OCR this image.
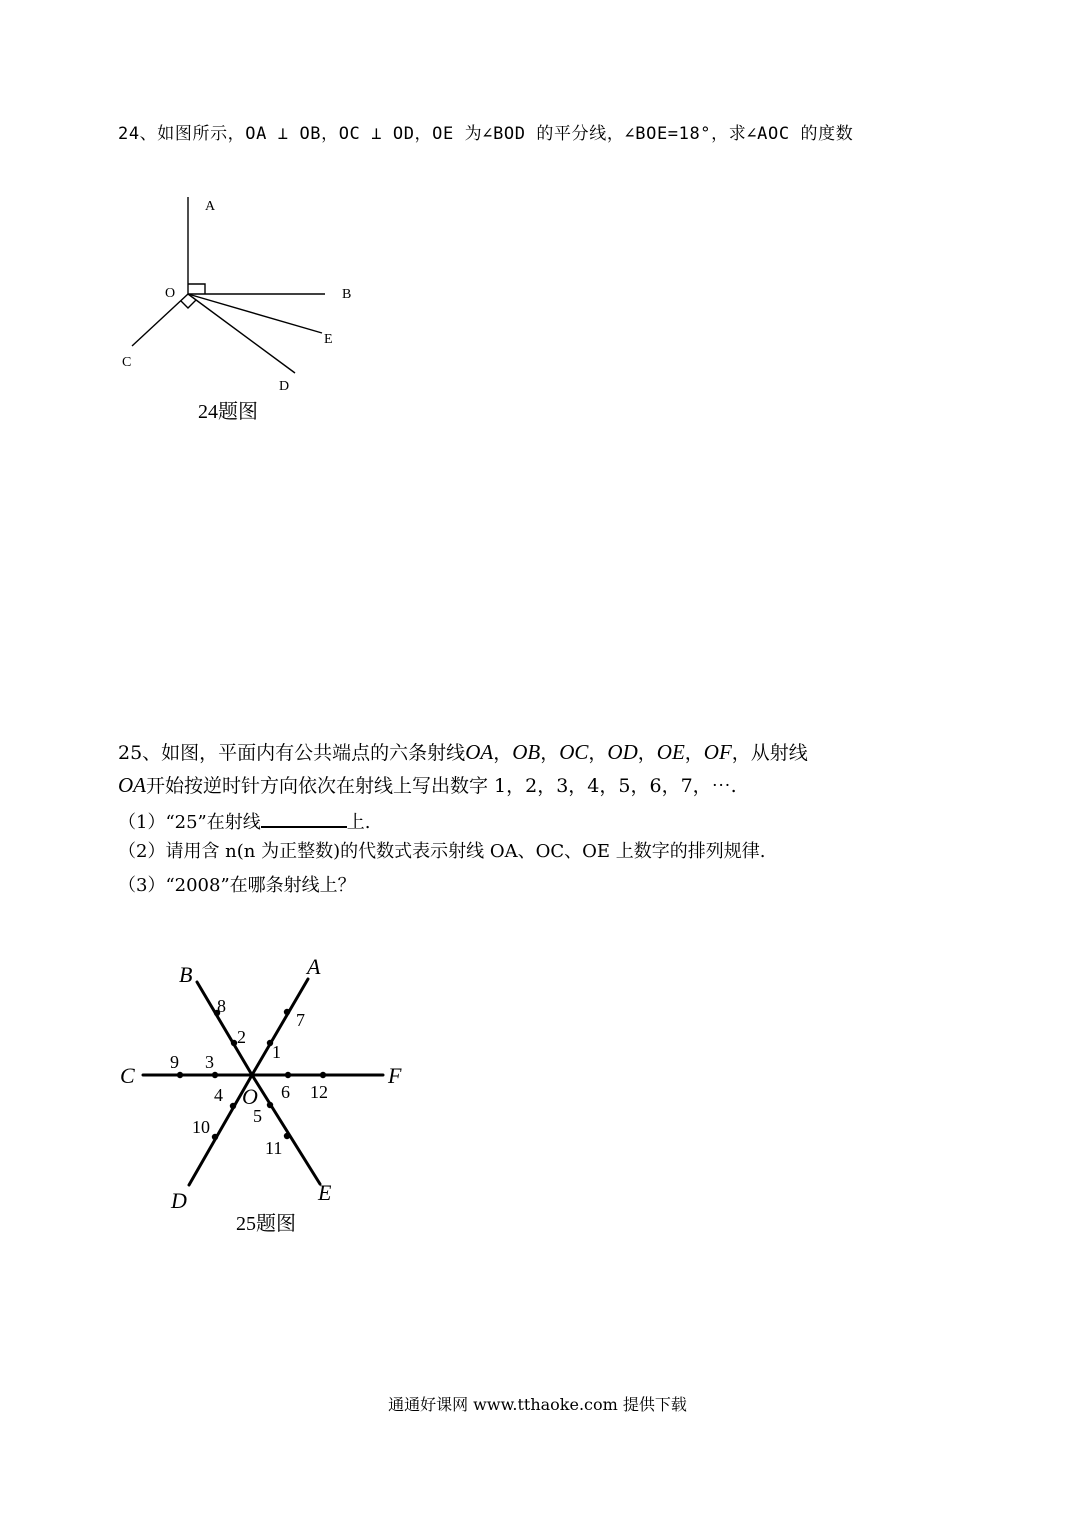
24、如图所示，OA ⊥ OB，OC ⊥ OD，OE 为∠BOD 的平分线，∠BOE=18°，求∠AOC 的度数
A
O	B
E
C
D
24题图
25、如图，平面内有公共端点的六条射线OA，OB，OC，OD，OE，OF，从射线
OA开始按逆时针方向依次在射线上写出数字 1，2，3，4，5，6，7，⋯.
（1）“25”在射线	上.
（2）请用含 n(n 为正整数)的代数式表示射线 OA、OC、OE 上数字的排列规律.
（3）“2008”在哪条射线上？
A
B
C	F
D	E
O
1
7
2
8
3
9
4
10
5
11
6 12
25题图
通通好课网 www.tthaoke.com 提供下载
